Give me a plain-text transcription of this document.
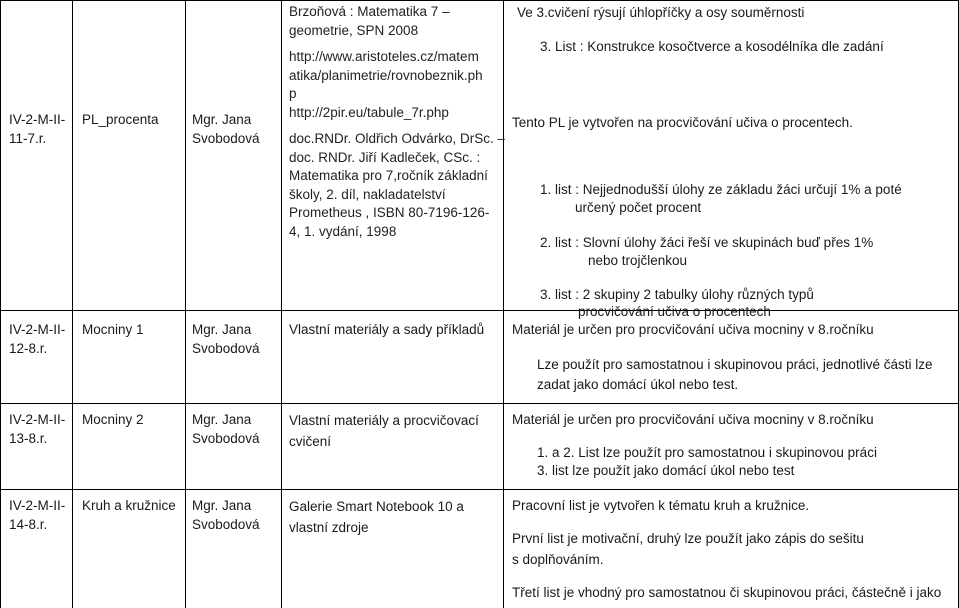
IV-2-M-II-
11-7.r.
PL_procenta Mgr. Jana
Svobodová
Brzoňová : Matematika 7 –
geometrie, SPN 2008
http://www.aristoteles.cz/matem
atika/planimetrie/rovnobeznik.ph
p
http://2pir.eu/tabule_7r.php
doc.RNDr. Oldřich Odvárko, DrSc. –
doc. RNDr. Jiří Kadleček, CSc. :
Matematika pro 7,ročník základní
školy, 2. díl, nakladatelství
Prometheus , ISBN 80-7196-126-
4, 1. vydání, 1998
Ve 3.cvičení rýsují úhlopříčky a osy souměrnosti
3. List : Konstrukce kosočtverce a kosodélníka dle zadání
Tento PL je vytvořen na procvičování učiva o procentech.
1. list : Nejjednodušší úlohy ze základu žáci určují 1% a poté
určený počet procent
2. list : Slovní úlohy žáci řeší ve skupinách buď přes 1%
nebo trojčlenkou
3. list : 2 skupiny 2 tabulky úlohy různých typů
procvičování učiva o procentech
IV-2-M-II-
12-8.r.
Mocniny 1	Mgr. Jana
Svobodová
Vlastní materiály a sady příkladů Materiál je určen pro procvičování učiva mocniny v 8.ročníku
Lze použít pro samostatnou i skupinovou práci, jednotlivé části lze
zadat jako domácí úkol nebo test.
IV-2-M-II-
13-8.r.
Mocniny 2	Mgr. Jana
Svobodová
Vlastní materiály a procvičovací
cvičení
Materiál je určen pro procvičování učiva mocniny v 8.ročníku
1. a 2. List lze použít pro samostatnou i skupinovou práci
3. list lze použít jako domácí úkol nebo test
IV-2-M-II-
14-8.r.
Kruh a kružnice Mgr. Jana
Svobodová
Galerie Smart Notebook 10 a
vlastní zdroje
Pracovní list je vytvořen k tématu kruh a kružnice.
První list je motivační, druhý lze použít jako zápis do sešitu
s doplňováním.
Třetí list je vhodný pro samostatnou či skupinovou práci, částečně i jako
